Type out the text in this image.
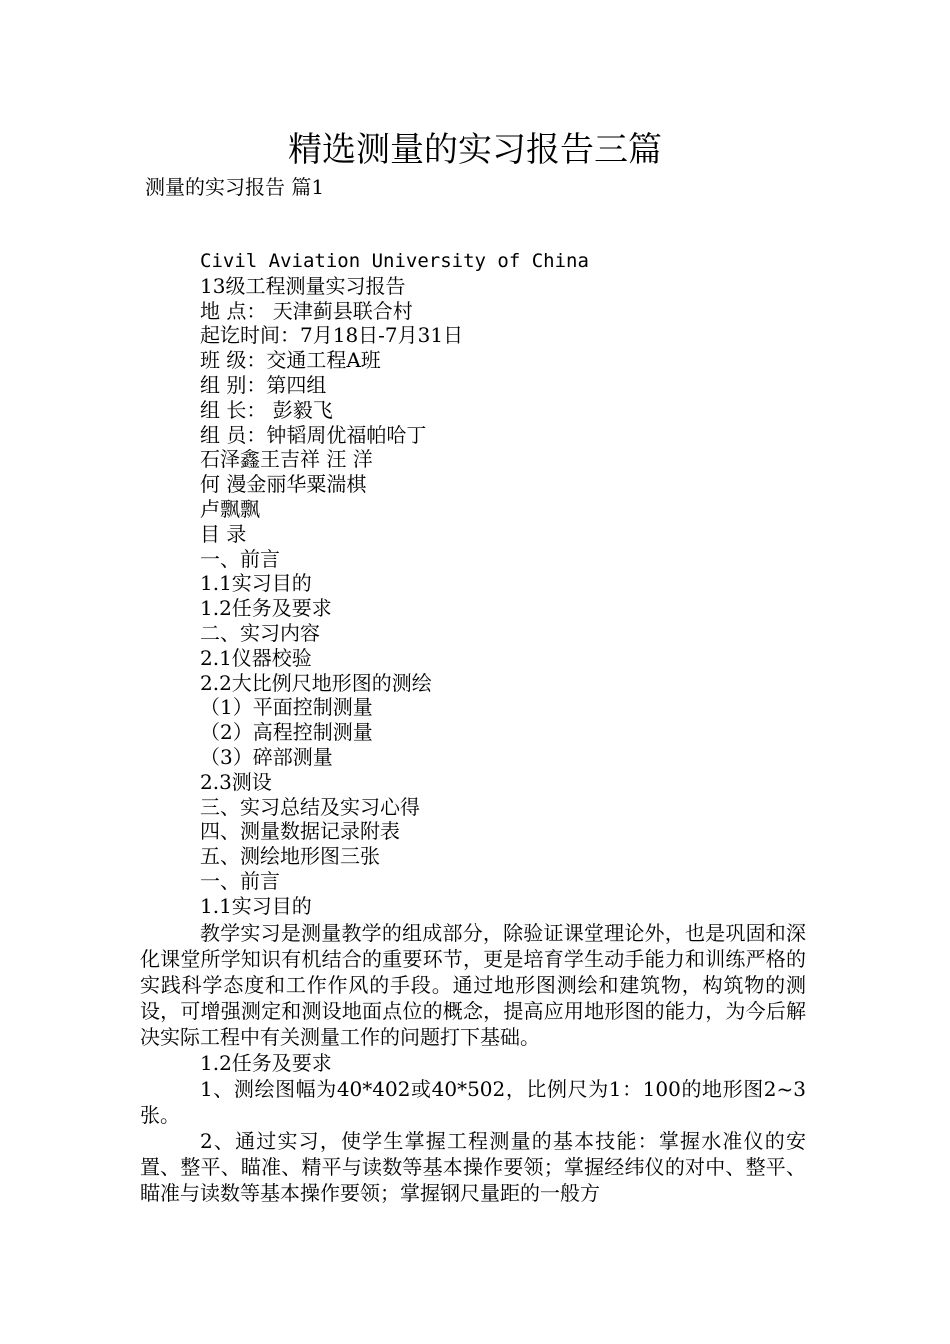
精选测量的实习报告三篇
测量的实习报告 篇1
Civil Aviation University of China
13级工程测量实习报告
地 点： 天津蓟县联合村
起讫时间：7月18日-7月31日
班 级：交通工程A班
组 别：第四组
组 长： 彭毅飞
组 员：钟韬周优福帕哈丁
石泽鑫王吉祥 汪 洋
何 漫金丽华粟湍棋
卢飘飘
目 录
一、前言
1.1实习目的
1.2任务及要求
二、实习内容
2.1仪器校验
2.2大比例尺地形图的测绘
（1）平面控制测量
（2）高程控制测量
（3）碎部测量
2.3测设
三、实习总结及实习心得
四、测量数据记录附表
五、测绘地形图三张
一、前言
1.1实习目的
教学实习是测量教学的组成部分，除验证课堂理论外，也是巩固和深化课堂所学知识有机结合的重要环节，更是培育学生动手能力和训练严格的实践科学态度和工作作风的手段。通过地形图测绘和建筑物，构筑物的测设，可增强测定和测设地面点位的概念，提高应用地形图的能力，为今后解决实际工程中有关测量工作的问题打下基础。
1.2任务及要求
1、测绘图幅为40*402或40*502，比例尺为1：100的地形图2~3张。
2、通过实习，使学生掌握工程测量的基本技能：掌握水准仪的安置、整平、瞄准、精平与读数等基本操作要领；掌握经纬仪的对中、整平、瞄准与读数等基本操作要领；掌握钢尺量距的一般方
